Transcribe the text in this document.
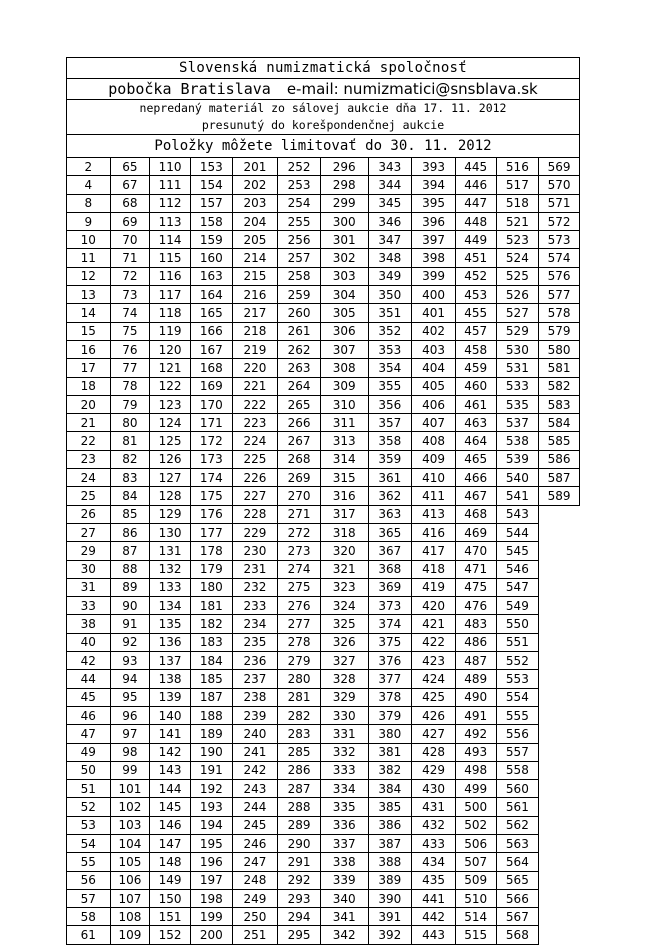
Slovenská numizmatická spoločnosť
pobočka Bratislava e-mail: numizmatici@snsblava.sk
nepredaný materiál zo sálovej aukcie dňa 17. 11. 2012
presunutý do korešpondenčnej aukcie
Položky môžete limitovať do 30. 11. 2012
2	65	110	153	201	252	296	343	393	445	516	569
4	67	111	154	202	253	298	344	394	446	517	570
8	68	112	157	203	254	299	345	395	447	518	571
9	69	113	158	204	255	300	346	396	448	521	572
10	70	114	159	205	256	301	347	397	449	523	573
11	71	115	160	214	257	302	348	398	451	524	574
12	72	116	163	215	258	303	349	399	452	525	576
13	73	117	164	216	259	304	350	400	453	526	577
14	74	118	165	217	260	305	351	401	455	527	578
15	75	119	166	218	261	306	352	402	457	529	579
16	76	120	167	219	262	307	353	403	458	530	580
17	77	121	168	220	263	308	354	404	459	531	581
18	78	122	169	221	264	309	355	405	460	533	582
20	79	123	170	222	265	310	356	406	461	535	583
21	80	124	171	223	266	311	357	407	463	537	584
22	81	125	172	224	267	313	358	408	464	538	585
23	82	126	173	225	268	314	359	409	465	539	586
24	83	127	174	226	269	315	361	410	466	540	587
25	84	128	175	227	270	316	362	411	467	541	589
26	85	129	176	228	271	317	363	413	468	543	
27	86	130	177	229	272	318	365	416	469	544	
29	87	131	178	230	273	320	367	417	470	545	
30	88	132	179	231	274	321	368	418	471	546	
31	89	133	180	232	275	323	369	419	475	547	
33	90	134	181	233	276	324	373	420	476	549	
38	91	135	182	234	277	325	374	421	483	550	
40	92	136	183	235	278	326	375	422	486	551	
42	93	137	184	236	279	327	376	423	487	552	
44	94	138	185	237	280	328	377	424	489	553	
45	95	139	187	238	281	329	378	425	490	554	
46	96	140	188	239	282	330	379	426	491	555	
47	97	141	189	240	283	331	380	427	492	556	
49	98	142	190	241	285	332	381	428	493	557	
50	99	143	191	242	286	333	382	429	498	558	
51	101	144	192	243	287	334	384	430	499	560	
52	102	145	193	244	288	335	385	431	500	561	
53	103	146	194	245	289	336	386	432	502	562	
54	104	147	195	246	290	337	387	433	506	563	
55	105	148	196	247	291	338	388	434	507	564	
56	106	149	197	248	292	339	389	435	509	565	
57	107	150	198	249	293	340	390	441	510	566	
58	108	151	199	250	294	341	391	442	514	567	
61	109	152	200	251	295	342	392	443	515	568	
